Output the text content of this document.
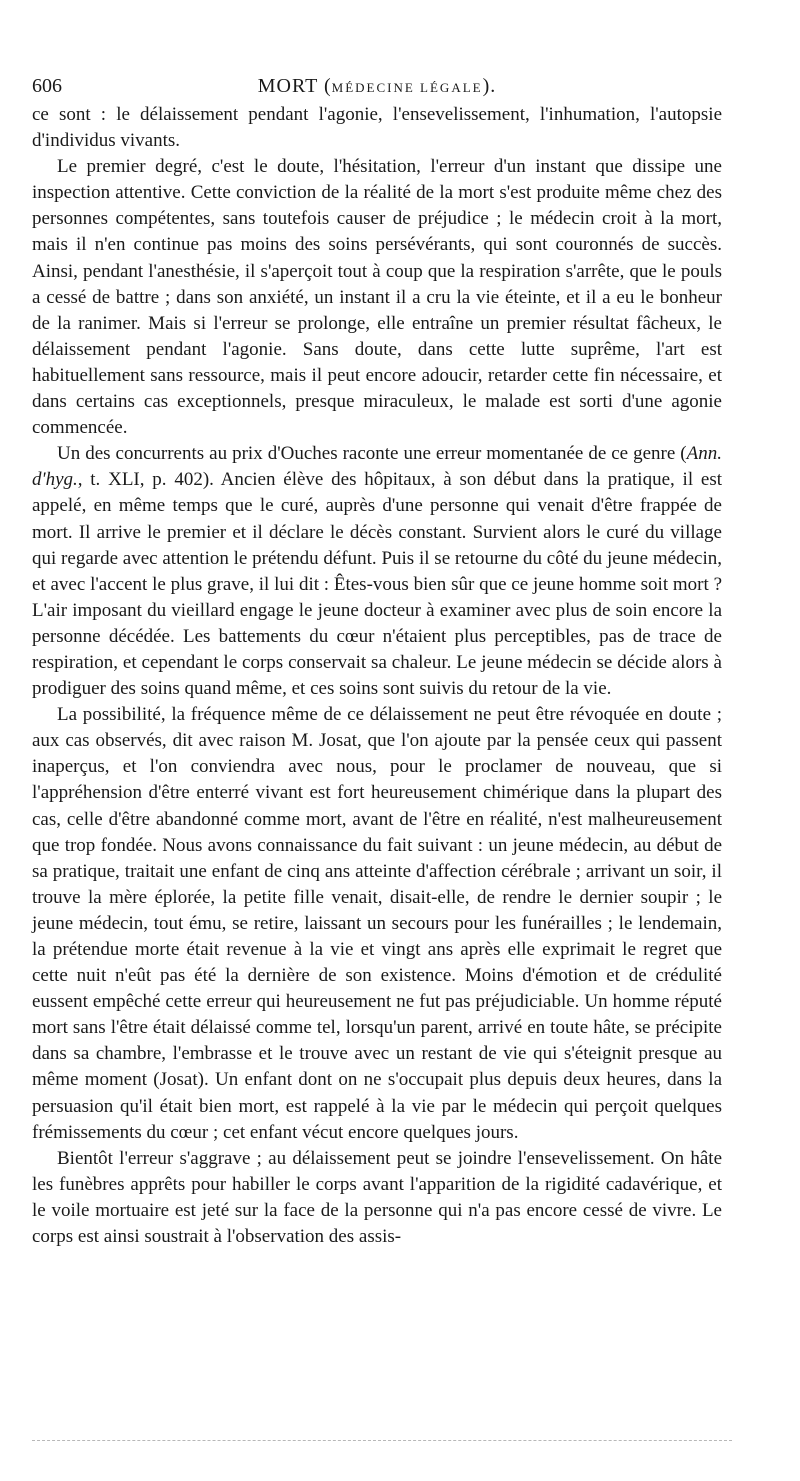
606	MORT (MÉDECINE LÉGALE).

ce sont : le délaissement pendant l'agonie, l'ensevelissement, l'inhumation, l'autopsie d'individus vivants.

Le premier degré, c'est le doute, l'hésitation, l'erreur d'un instant que dissipe une inspection attentive. Cette conviction de la réalité de la mort s'est produite même chez des personnes compétentes, sans toutefois causer de préjudice ; le médecin croit à la mort, mais il n'en continue pas moins des soins persévérants, qui sont couronnés de succès. Ainsi, pendant l'anesthésie, il s'aperçoit tout à coup que la respiration s'arrête, que le pouls a cessé de battre ; dans son anxiété, un instant il a cru la vie éteinte, et il a eu le bonheur de la ranimer. Mais si l'erreur se prolonge, elle entraîne un premier résultat fâcheux, le délaissement pendant l'agonie. Sans doute, dans cette lutte suprême, l'art est habituellement sans ressource, mais il peut encore adoucir, retarder cette fin nécessaire, et dans certains cas exceptionnels, presque miraculeux, le malade est sorti d'une agonie commencée.

Un des concurrents au prix d'Ouches raconte une erreur momentanée de ce genre (Ann. d'hyg., t. XLI, p. 402). Ancien élève des hôpitaux, à son début dans la pratique, il est appelé, en même temps que le curé, auprès d'une personne qui venait d'être frappée de mort. Il arrive le premier et il déclare le décès constant. Survient alors le curé du village qui regarde avec attention le prétendu défunt. Puis il se retourne du côté du jeune médecin, et avec l'accent le plus grave, il lui dit : Êtes-vous bien sûr que ce jeune homme soit mort ? L'air imposant du vieillard engage le jeune docteur à examiner avec plus de soin encore la personne décédée. Les battements du cœur n'étaient plus perceptibles, pas de trace de respiration, et cependant le corps conservait sa chaleur. Le jeune médecin se décide alors à prodiguer des soins quand même, et ces soins sont suivis du retour de la vie.

La possibilité, la fréquence même de ce délaissement ne peut être révoquée en doute ; aux cas observés, dit avec raison M. Josat, que l'on ajoute par la pensée ceux qui passent inaperçus, et l'on conviendra avec nous, pour le proclamer de nouveau, que si l'appréhension d'être enterré vivant est fort heureusement chimérique dans la plupart des cas, celle d'être abandonné comme mort, avant de l'être en réalité, n'est malheureusement que trop fondée. Nous avons connaissance du fait suivant : un jeune médecin, au début de sa pratique, traitait une enfant de cinq ans atteinte d'affection cérébrale ; arrivant un soir, il trouve la mère éplorée, la petite fille venait, disait-elle, de rendre le dernier soupir ; le jeune médecin, tout ému, se retire, laissant un secours pour les funérailles ; le lendemain, la prétendue morte était revenue à la vie et vingt ans après elle exprimait le regret que cette nuit n'eût pas été la dernière de son existence. Moins d'émotion et de crédulité eussent empêché cette erreur qui heureusement ne fut pas préjudiciable. Un homme réputé mort sans l'être était délaissé comme tel, lorsqu'un parent, arrivé en toute hâte, se précipite dans sa chambre, l'embrasse et le trouve avec un restant de vie qui s'éteignit presque au même moment (Josat). Un enfant dont on ne s'occupait plus depuis deux heures, dans la persuasion qu'il était bien mort, est rappelé à la vie par le médecin qui perçoit quelques frémissements du cœur ; cet enfant vécut encore quelques jours.

Bientôt l'erreur s'aggrave ; au délaissement peut se joindre l'ensevelissement. On hâte les funèbres apprêts pour habiller le corps avant l'apparition de la rigidité cadavérique, et le voile mortuaire est jeté sur la face de la personne qui n'a pas encore cessé de vivre. Le corps est ainsi soustrait à l'observation des assis-
